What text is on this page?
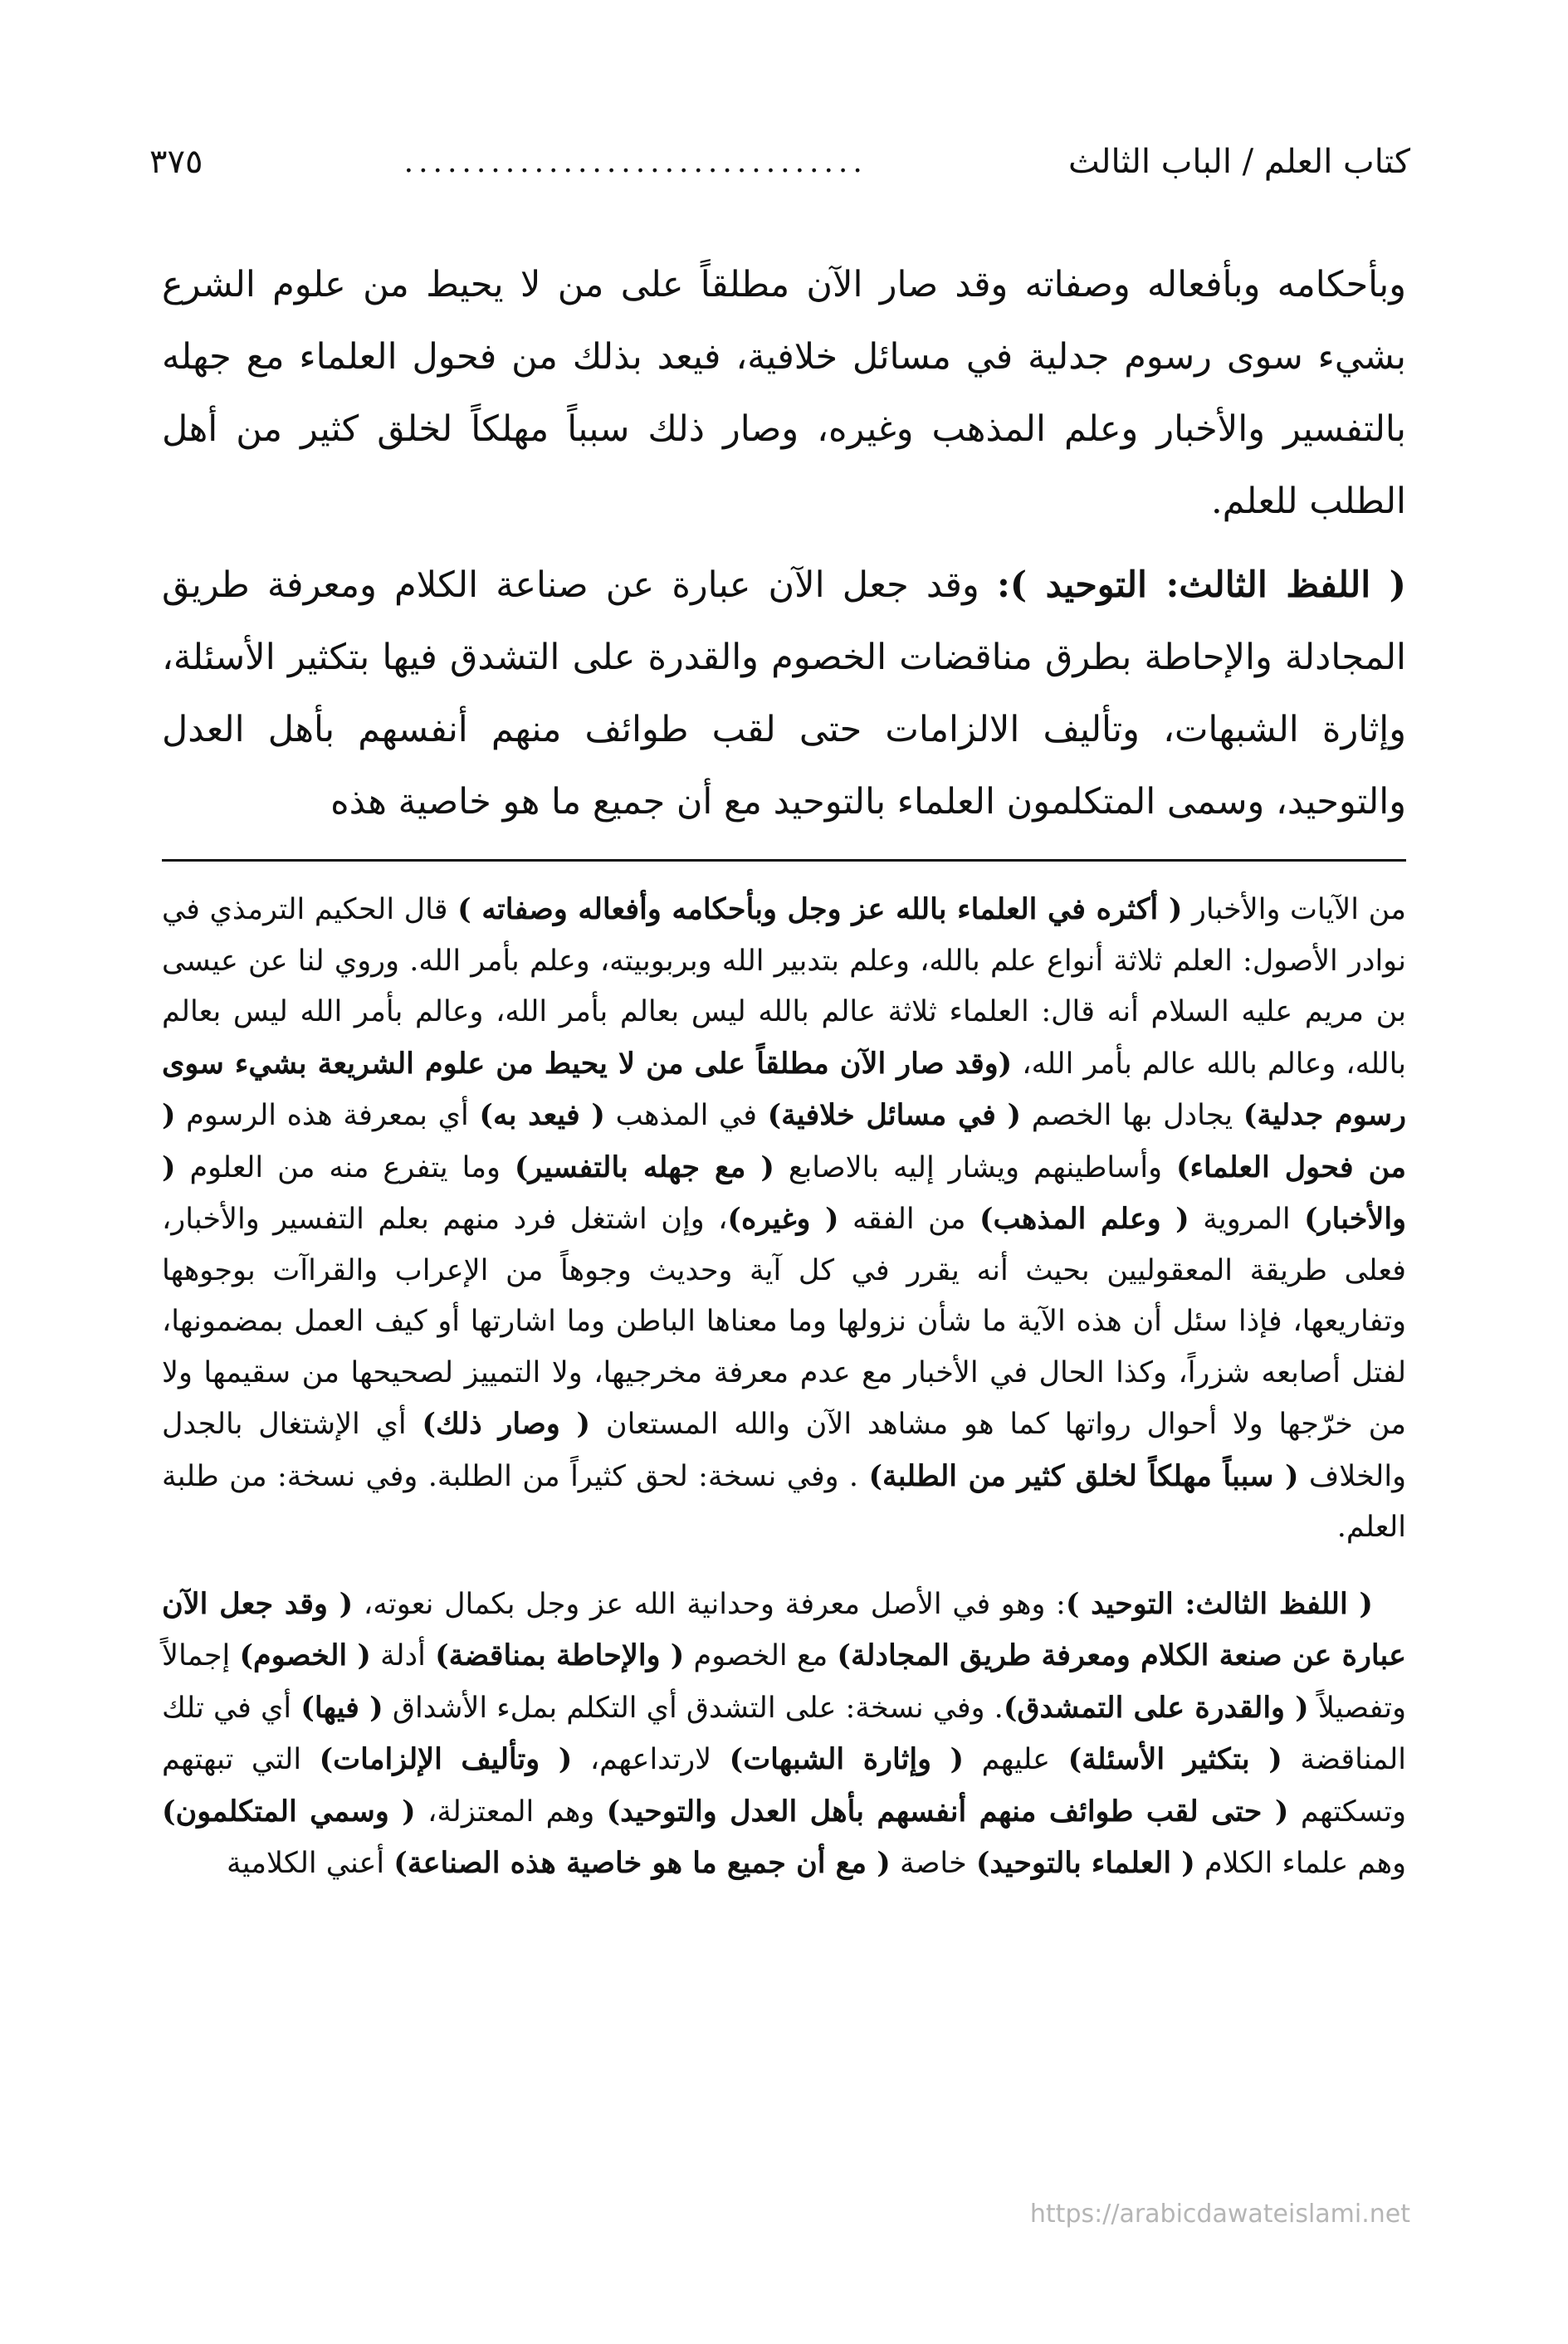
كتاب العلم / الباب الثالث
................................
٣٧٥

وبأحكامه وبأفعاله وصفاته وقد صار الآن مطلقاً على من لا يحيط من علوم الشرع بشيء سوى رسوم جدلية في مسائل خلافية، فيعد بذلك من فحول العلماء مع جهله بالتفسير والأخبار وعلم المذهب وغيره، وصار ذلك سبباً مهلكاً لخلق كثير من أهل الطلب للعلم.

( اللفظ الثالث: التوحيد ): وقد جعل الآن عبارة عن صناعة الكلام ومعرفة طريق المجادلة والإحاطة بطرق مناقضات الخصوم والقدرة على التشدق فيها بتكثير الأسئلة، وإثارة الشبهات، وتأليف الالزامات حتى لقب طوائف منهم أنفسهم بأهل العدل والتوحيد، وسمى المتكلمون العلماء بالتوحيد مع أن جميع ما هو خاصية هذه

من الآيات والأخبار ( أكثره في العلماء بالله عز وجل وبأحكامه وأفعاله وصفاته ) قال الحكيم الترمذي في نوادر الأصول: العلم ثلاثة أنواع علم بالله، وعلم بتدبير الله وبربوبيته، وعلم بأمر الله. وروي لنا عن عيسى بن مريم عليه السلام أنه قال: العلماء ثلاثة عالم بالله ليس بعالم بأمر الله، وعالم بأمر الله ليس بعالم بالله، وعالم بالله عالم بأمر الله، (وقد صار الآن مطلقاً على من لا يحيط من علوم الشريعة بشيء سوى رسوم جدلية) يجادل بها الخصم ( في مسائل خلافية) في المذهب ( فيعد به) أي بمعرفة هذه الرسوم ( من فحول العلماء) وأساطينهم ويشار إليه بالاصابع ( مع جهله بالتفسير) وما يتفرع منه من العلوم ( والأخبار) المروية ( وعلم المذهب) من الفقه ( وغيره)، وإن اشتغل فرد منهم بعلم التفسير والأخبار، فعلى طريقة المعقوليين بحيث أنه يقرر في كل آية وحديث وجوهاً من الإعراب والقراآت بوجوهها وتفاريعها، فإذا سئل أن هذه الآية ما شأن نزولها وما معناها الباطن وما اشارتها أو كيف العمل بمضمونها، لفتل أصابعه شزراً، وكذا الحال في الأخبار مع عدم معرفة مخرجيها، ولا التمييز لصحيحها من سقيمها ولا من خرّجها ولا أحوال رواتها كما هو مشاهد الآن والله المستعان ( وصار ذلك) أي الإشتغال بالجدل والخلاف ( سبباً مهلكاً لخلق كثير من الطلبة) . وفي نسخة: لحق كثيراً من الطلبة. وفي نسخة: من طلبة العلم.

( اللفظ الثالث: التوحيد ): وهو في الأصل معرفة وحدانية الله عز وجل بكمال نعوته، ( وقد جعل الآن عبارة عن صنعة الكلام ومعرفة طريق المجادلة) مع الخصوم ( والإحاطة بمناقضة) أدلة ( الخصوم) إجمالاً وتفصيلاً ( والقدرة على التمشدق). وفي نسخة: على التشدق أي التكلم بملء الأشداق ( فيها) أي في تلك المناقضة ( بتكثير الأسئلة) عليهم ( وإثارة الشبهات) لارتداعهم، ( وتأليف الإلزامات) التي تبهتهم وتسكتهم ( حتى لقب طوائف منهم أنفسهم بأهل العدل والتوحيد) وهم المعتزلة، ( وسمي المتكلمون) وهم علماء الكلام ( العلماء بالتوحيد) خاصة ( مع أن جميع ما هو خاصية هذه الصناعة) أعني الكلامية

https://arabicdawateislami.net
